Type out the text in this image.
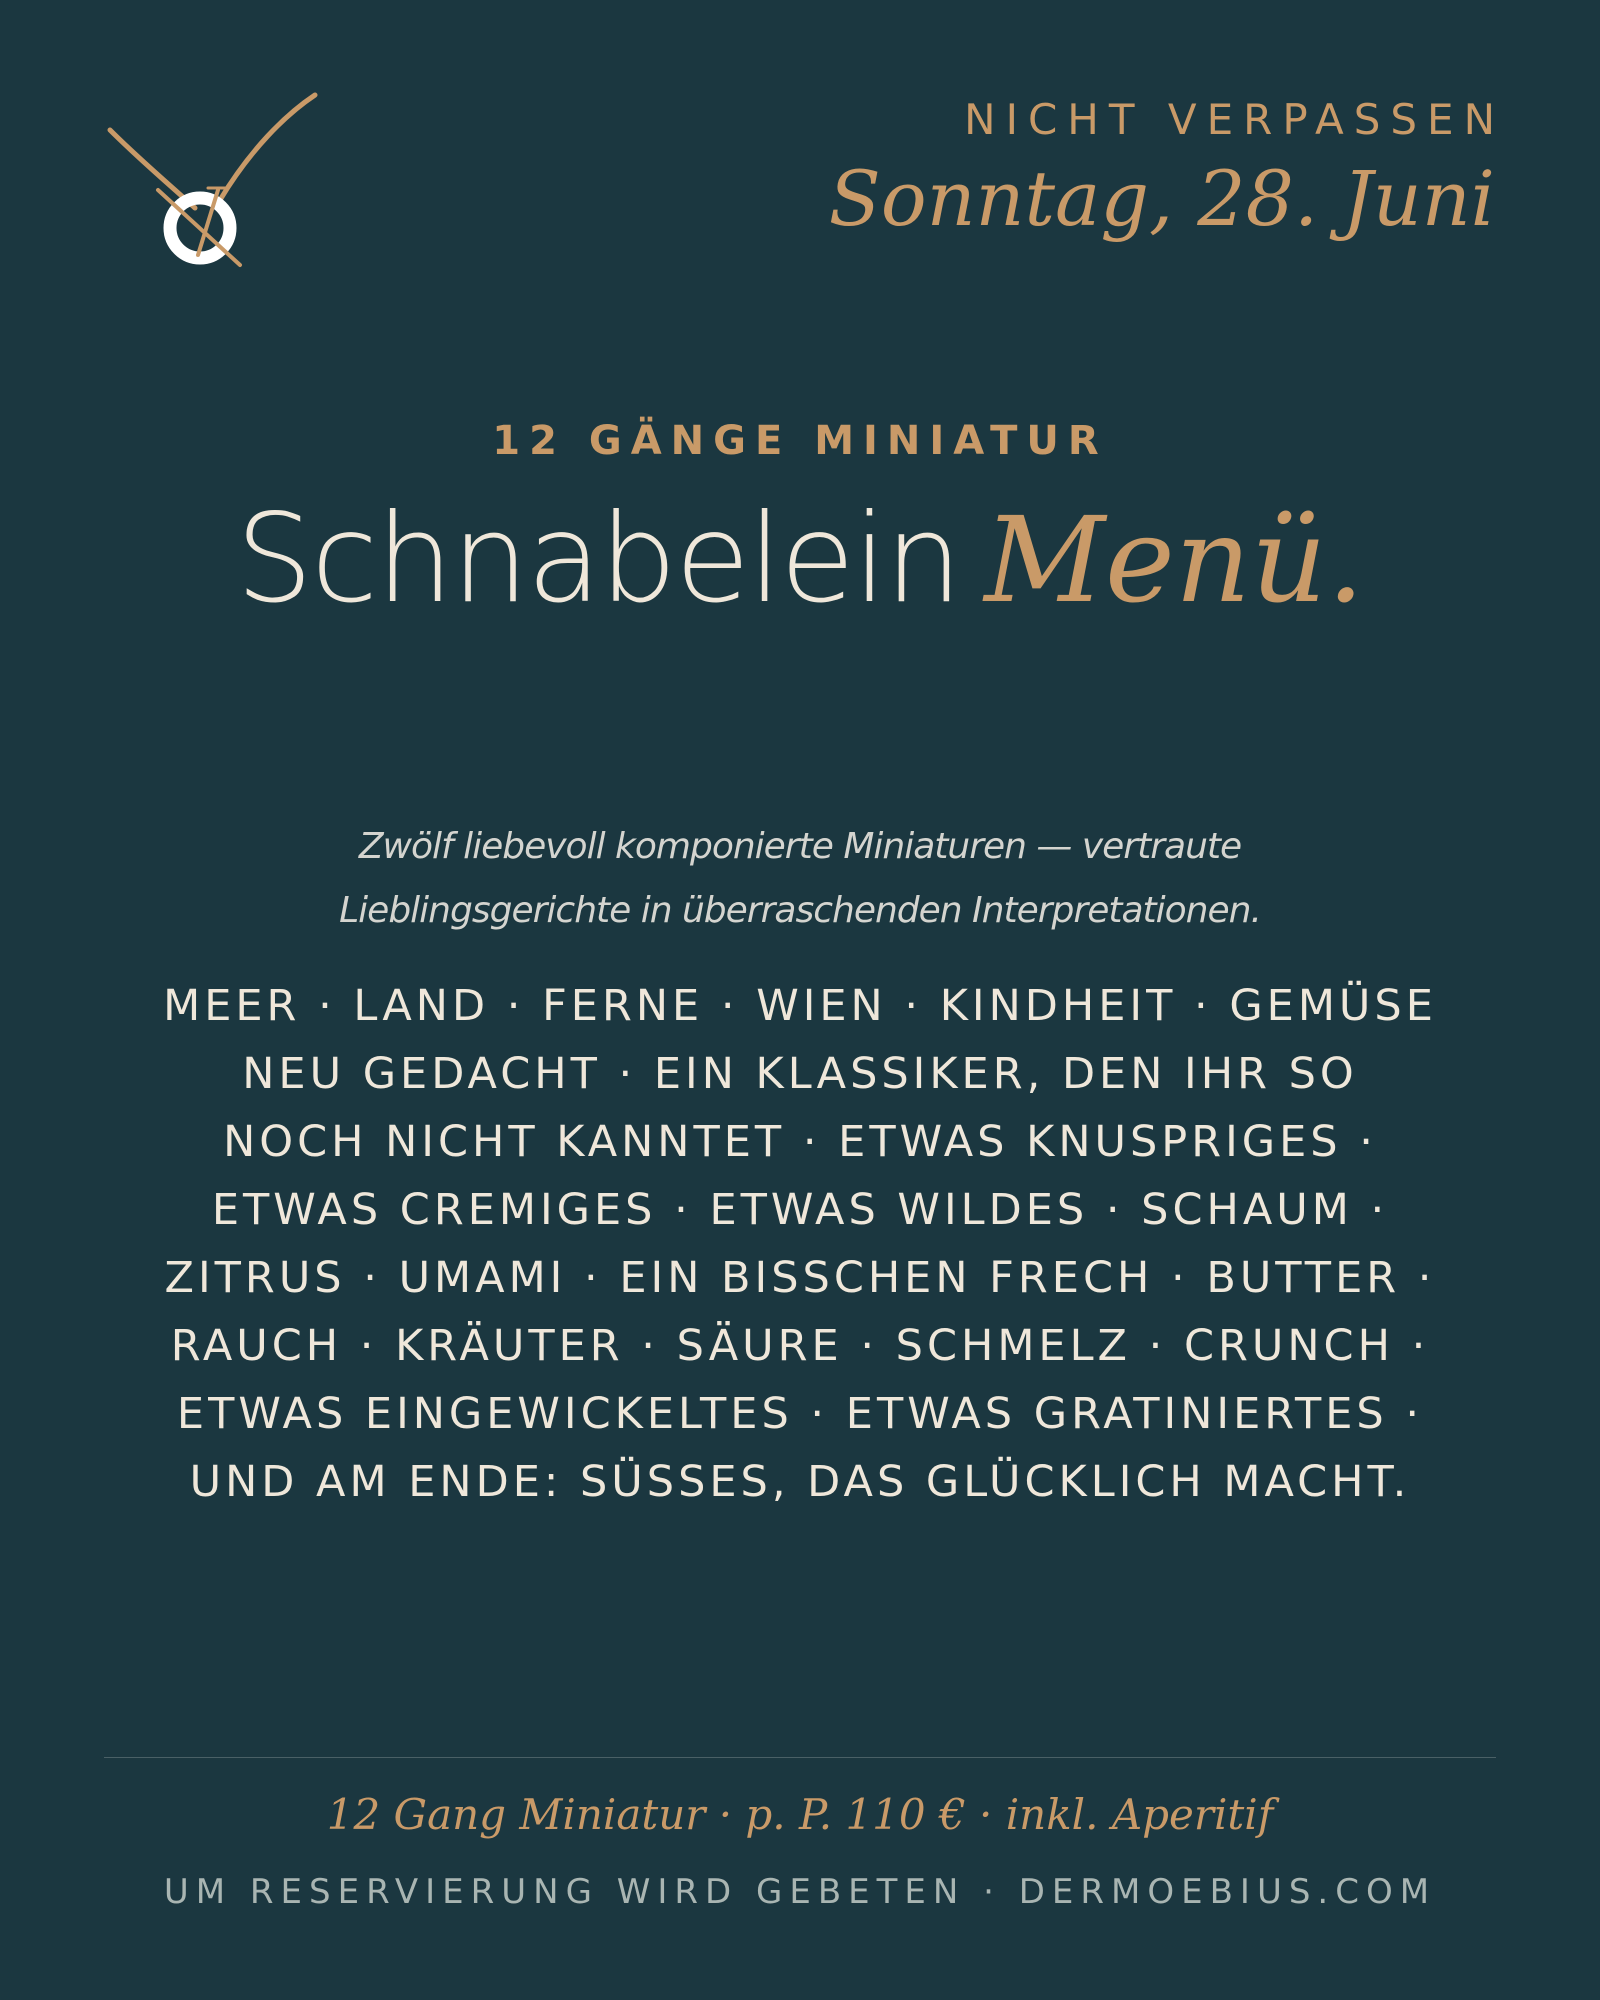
NICHT VERPASSEN
Sonntag, 28. Juni
12 GÄNGE MINIATUR
Schnabelein Menü.
Zwölf liebevoll komponierte Miniaturen — vertraute
Lieblingsgerichte in überraschenden Interpretationen.
MEER · LAND · FERNE · WIEN · KINDHEIT · GEMÜSE
NEU GEDACHT · EIN KLASSIKER, DEN IHR SO
NOCH NICHT KANNTET · ETWAS KNUSPRIGES ·
ETWAS CREMIGES · ETWAS WILDES · SCHAUM ·
ZITRUS · UMAMI · EIN BISSCHEN FRECH · BUTTER ·
RAUCH · KRÄUTER · SÄURE · SCHMELZ · CRUNCH ·
ETWAS EINGEWICKELTES · ETWAS GRATINIERTES ·
UND AM ENDE: SÜSSES, DAS GLÜCKLICH MACHT.
12 Gang Miniatur · p. P. 110 € · inkl. Aperitif
UM RESERVIERUNG WIRD GEBETEN · DERMOEBIUS.COM
